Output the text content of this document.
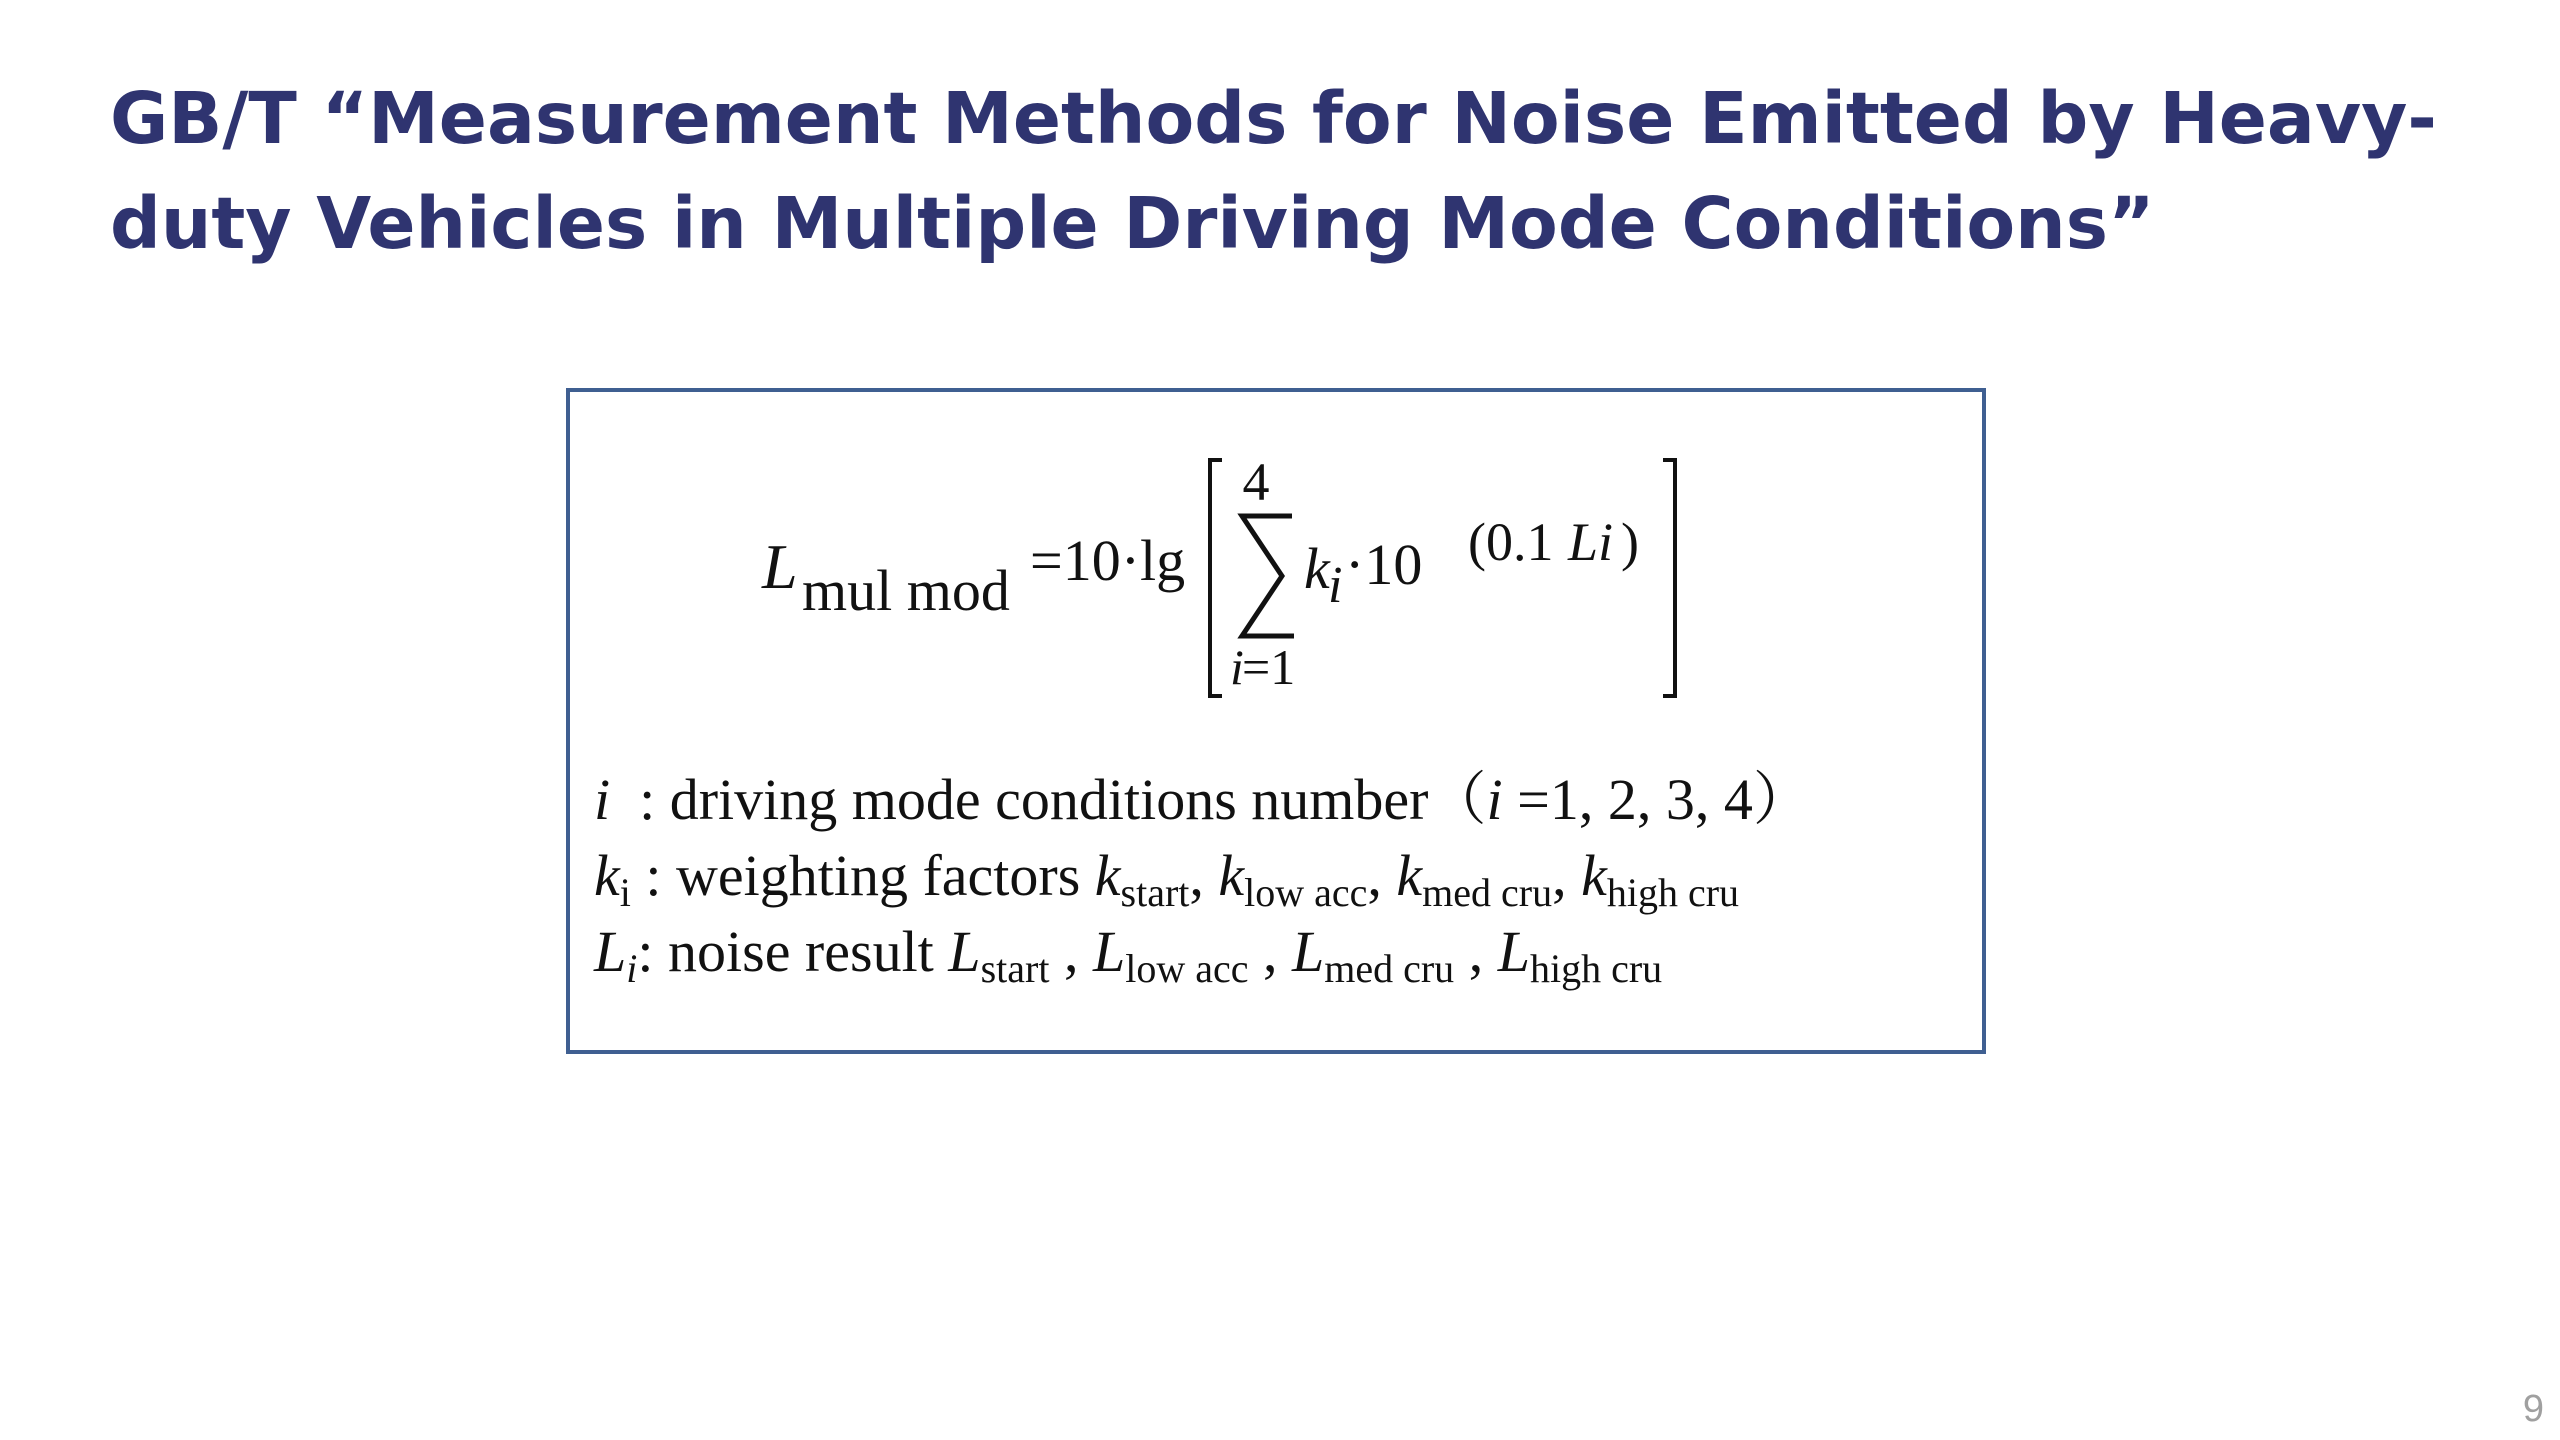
GB/T “Measurement Methods for Noise Emitted by Heavy-duty Vehicles in Multiple Driving Mode Conditions”
L mul mod =10·lg
4
i
=1
k
i ·10 (0.1 Li )
i  : driving mode conditions number（i =1, 2, 3, 4）
$k_i$ : weighting factors $k_{start}$, $k_{low acc}$, $k_{med cru}$, $k_{high cru}$
$L_i$: noise result $L_{start}$ , $L_{low acc}$ , $L_{med cru}$ , $L_{high cru}$
9
